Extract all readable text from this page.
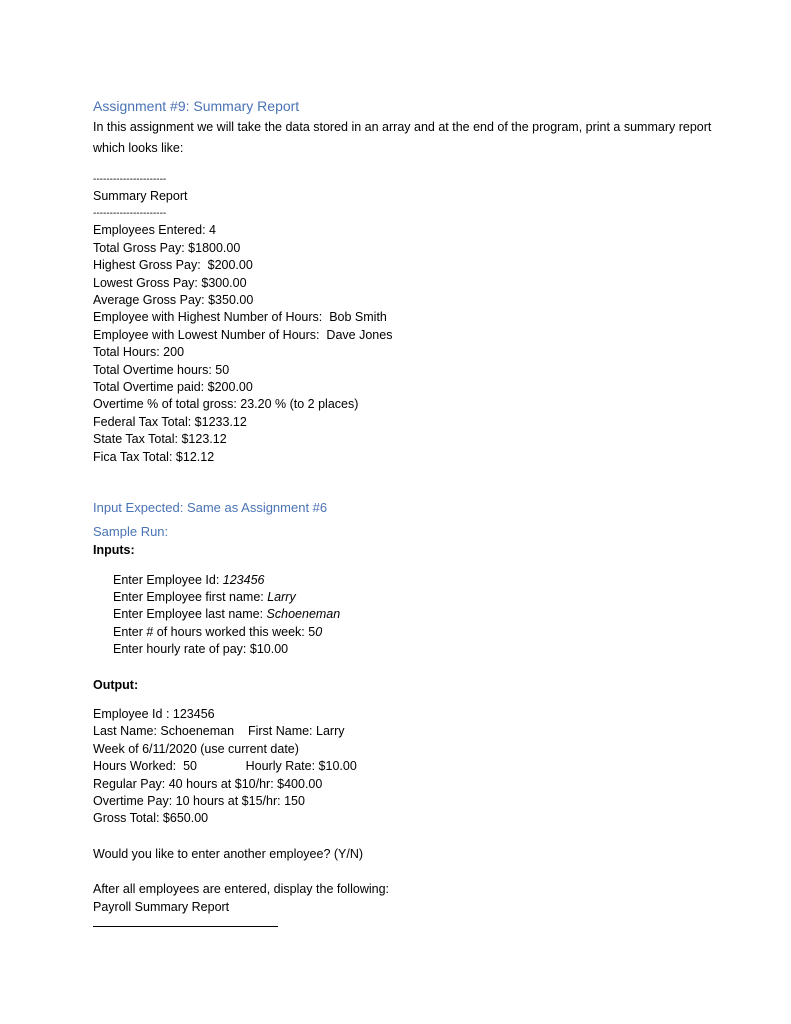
Assignment #9: Summary Report

In this assignment we will take the data stored in an array and at the end of the program, print a summary report which looks like:

----------------------

Summary Report

----------------------

Employees Entered: 4

Total Gross Pay: $1800.00

Highest Gross Pay:  $200.00

Lowest Gross Pay: $300.00

Average Gross Pay: $350.00

Employee with Highest Number of Hours:  Bob Smith

Employee with Lowest Number of Hours:  Dave Jones

Total Hours: 200

Total Overtime hours: 50

Total Overtime paid: $200.00

Overtime % of total gross: 23.20 % (to 2 places)

Federal Tax Total: $1233.12

State Tax Total: $123.12

Fica Tax Total: $12.12

Input Expected: Same as Assignment #6
Sample Run:

Inputs:

Enter Employee Id: 123456

Enter Employee first name: Larry

Enter Employee last name: Schoeneman

Enter # of hours worked this week: 50

Enter hourly rate of pay: $10.00

Output:

Employee Id : 123456

Last Name: Schoeneman    First Name: Larry

Week of 6/11/2020 (use current date)

Hours Worked:  50              Hourly Rate: $10.00

Regular Pay: 40 hours at $10/hr: $400.00

Overtime Pay: 10 hours at $15/hr: 150

Gross Total: $650.00

Would you like to enter another employee? (Y/N)

After all employees are entered, display the following:

Payroll Summary Report
